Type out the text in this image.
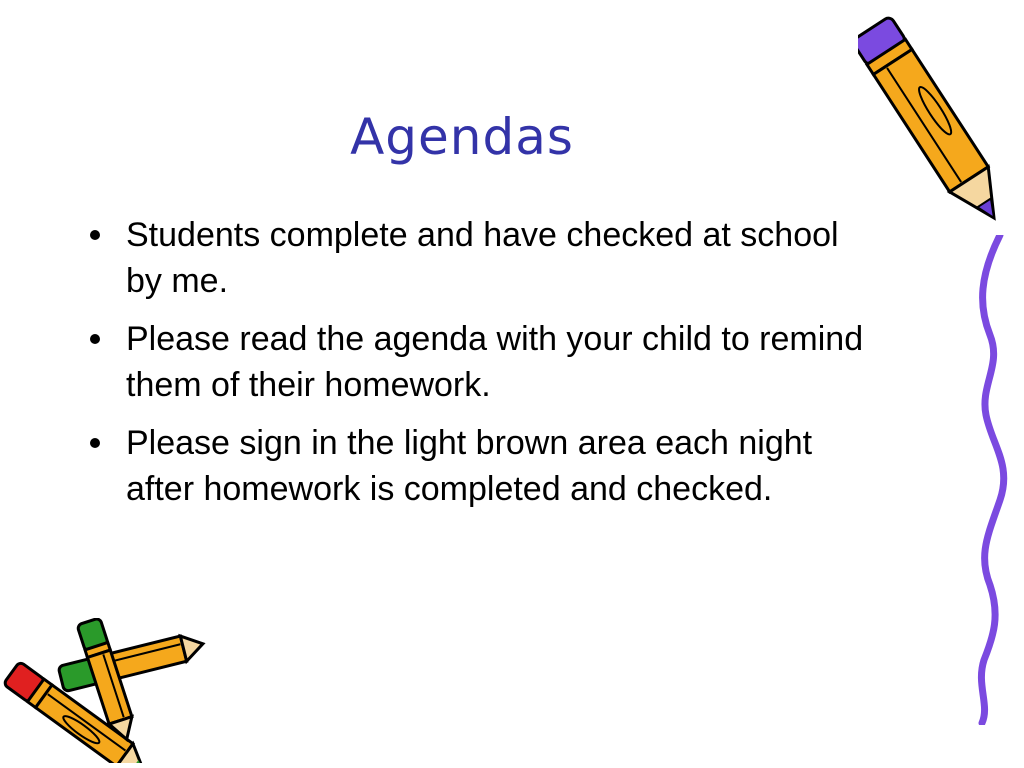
Agendas
Students complete and have checked at school by me.
Please read the agenda with your child to remind them of their homework.
Please sign in the light brown area each night after homework is completed and checked.
